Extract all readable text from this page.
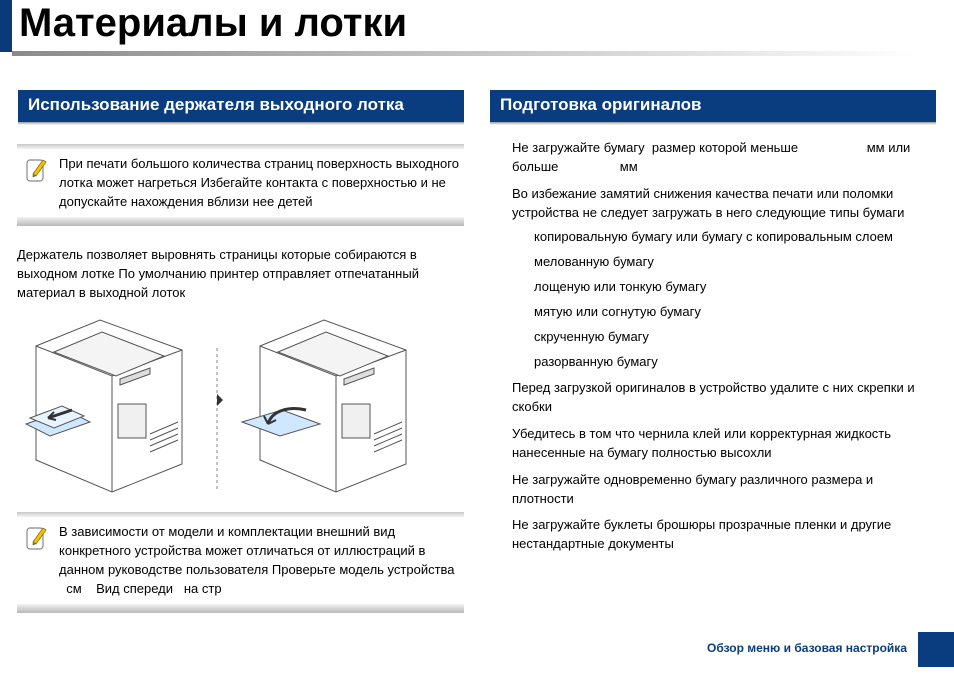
Материалы и лотки
Использование держателя выходного лотка
При печати большого количества страниц поверхность выходного
лотка может нагреться Избегайте контакта с поверхностью и не
допускайте нахождения вблизи нее детей
Держатель позволяет выровнять страницы которые собираются в
выходном лотке По умолчанию принтер отправляет отпечатанный
материал в выходной лоток
В зависимости от модели и комплектации внешний вид
конкретного устройства может отличаться от иллюстраций в
данном руководстве пользователя Проверьте модель устройства
см    Вид спереди   на стр
Подготовка оригиналов
Не загружайте бумагу  размер которой меньше                   мм или
больше                 мм
Во избежание замятий снижения качества печати или поломки
устройства не следует загружать в него следующие типы бумаги
копировальную бумагу или бумагу с копировальным слоем
мелованную бумагу
лощеную или тонкую бумагу
мятую или согнутую бумагу
скрученную бумагу
разорванную бумагу
Перед загрузкой оригиналов в устройство удалите с них скрепки и
скобки
Убедитесь в том что чернила клей или корректурная жидкость
нанесенные на бумагу полностью высохли
Не загружайте одновременно бумагу различного размера и
плотности
Не загружайте буклеты брошюры прозрачные пленки и другие
нестандартные документы
Обзор меню и базовая настройка
